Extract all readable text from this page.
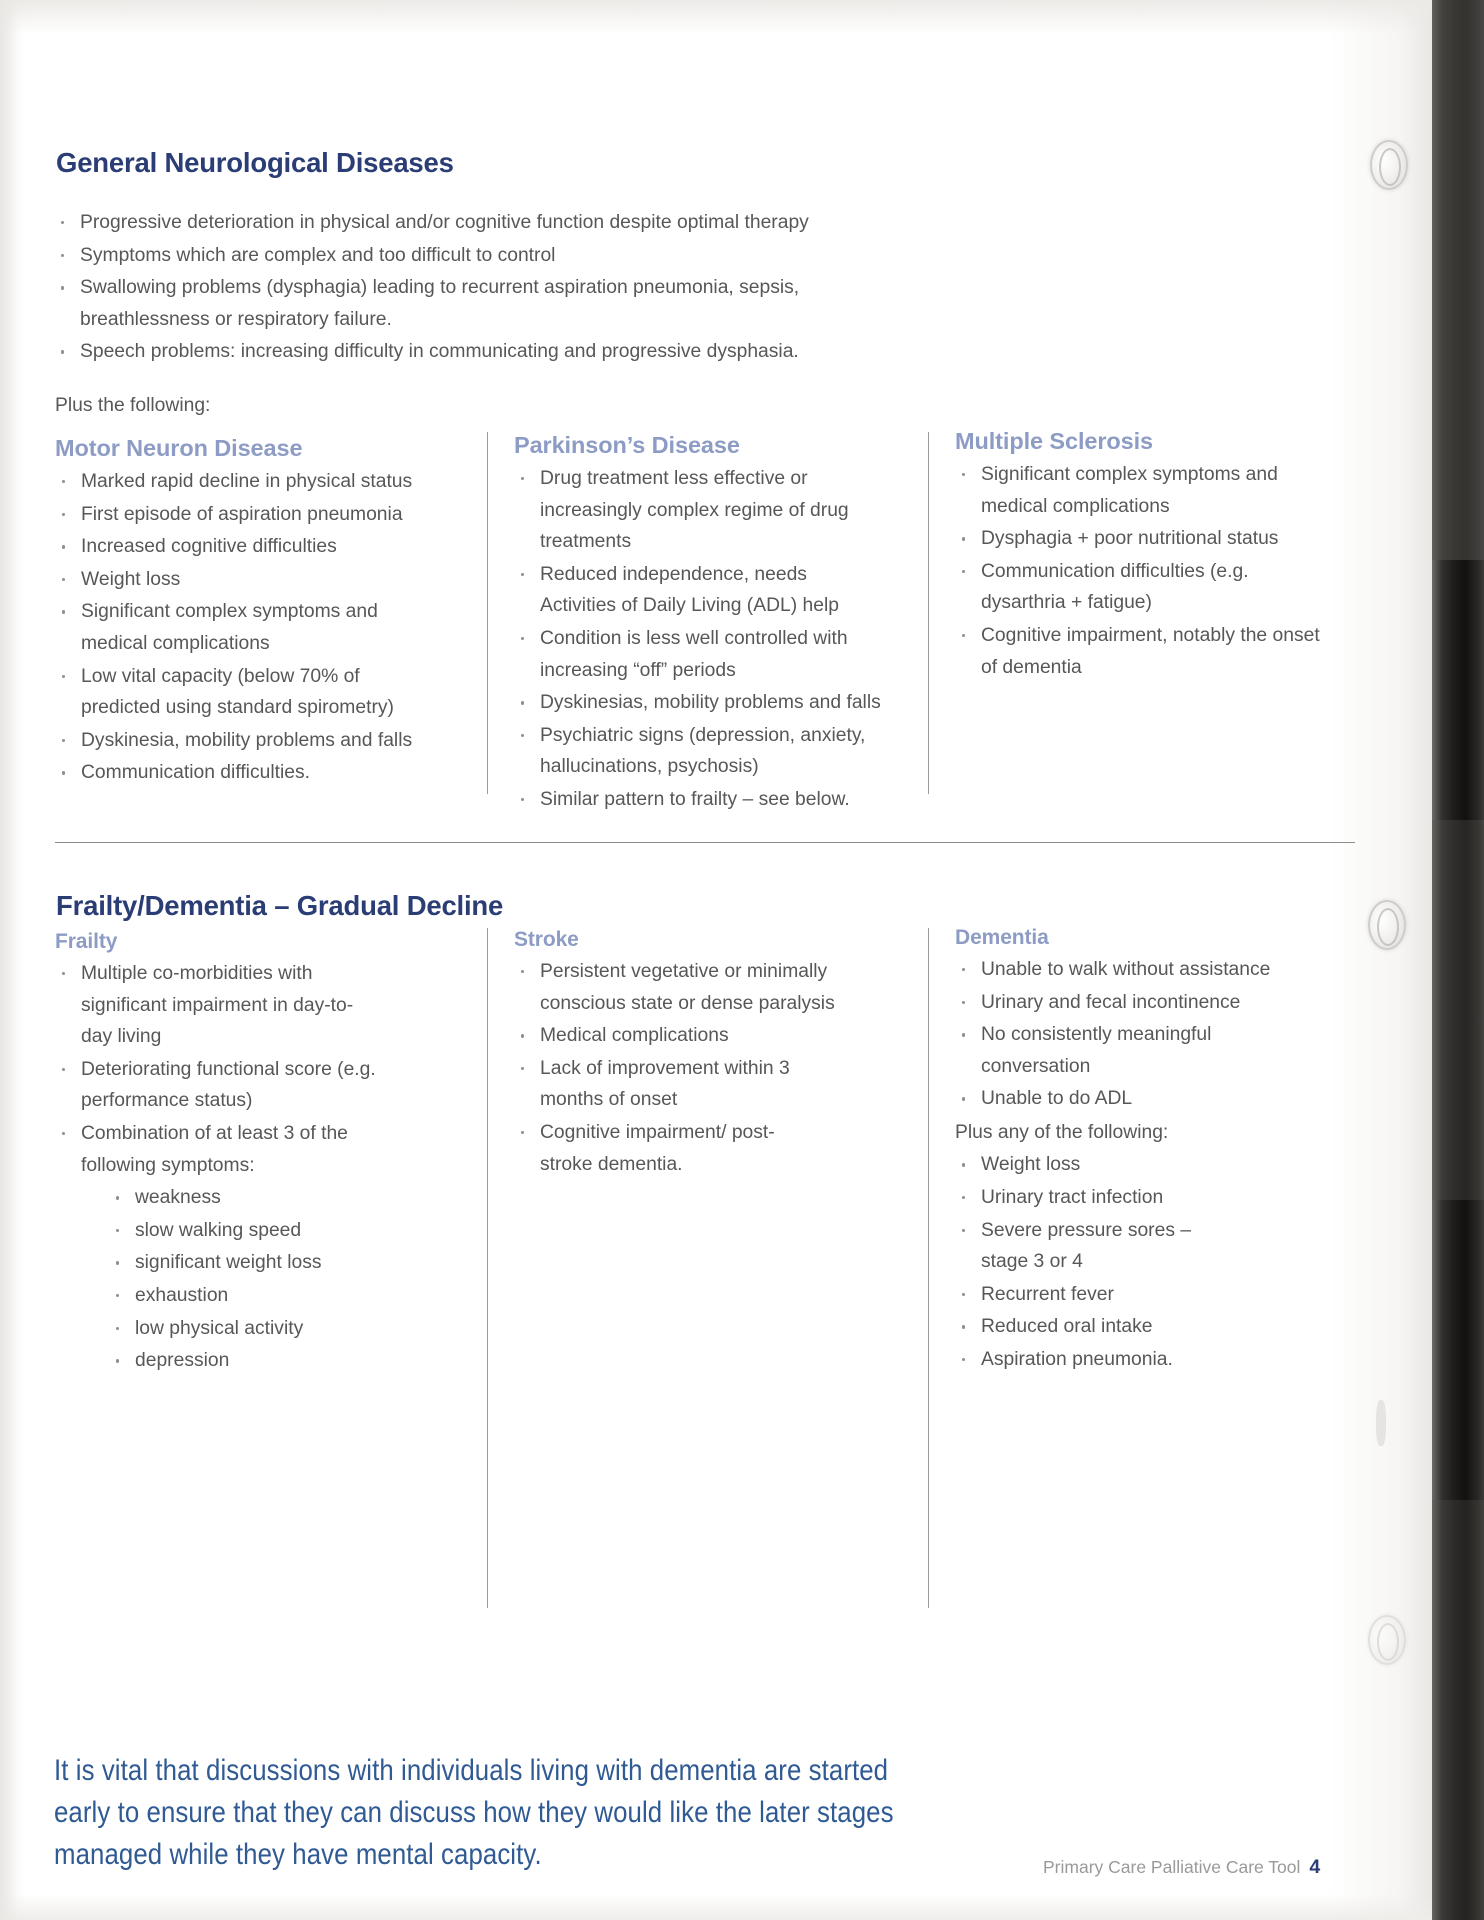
General Neurological Diseases
Progressive deterioration in physical and/or cognitive function despite optimal therapy
Symptoms which are complex and too difficult to control
Swallowing problems (dysphagia) leading to recurrent aspiration pneumonia, sepsis, breathlessness or respiratory failure.
Speech problems: increasing difficulty in communicating and progressive dysphasia.
Plus the following:
Motor Neuron Disease
Marked rapid decline in physical status
First episode of aspiration pneumonia
Increased cognitive difficulties
Weight loss
Significant complex symptoms and medical complications
Low vital capacity (below 70% of predicted using standard spirometry)
Dyskinesia, mobility problems and falls
Communication difficulties.
Parkinson’s Disease
Drug treatment less effective or increasingly complex regime of drug treatments
Reduced independence, needs Activities of Daily Living (ADL) help
Condition is less well controlled with increasing “off” periods
Dyskinesias, mobility problems and falls
Psychiatric signs (depression, anxiety, hallucinations, psychosis)
Similar pattern to frailty – see below.
Multiple Sclerosis
Significant complex symptoms and medical complications
Dysphagia + poor nutritional status
Communication difficulties (e.g. dysarthria + fatigue)
Cognitive impairment, notably the onset of dementia
Frailty/Dementia – Gradual Decline
Frailty
Multiple co-morbidities with significant impairment in day-to-day living
Deteriorating functional score (e.g. performance status)
Combination of at least 3 of the following symptoms:
weakness
slow walking speed
significant weight loss
exhaustion
low physical activity
depression
Stroke
Persistent vegetative or minimally conscious state or dense paralysis
Medical complications
Lack of improvement within 3 months of onset
Cognitive impairment/ post-stroke dementia.
Dementia
Unable to walk without assistance
Urinary and fecal incontinence
No consistently meaningful conversation
Unable to do ADL
Plus any of the following:
Weight loss
Urinary tract infection
Severe pressure sores – stage 3 or 4
Recurrent fever
Reduced oral intake
Aspiration pneumonia.
It is vital that discussions with individuals living with dementia are started early to ensure that they can discuss how they would like the later stages managed while they have mental capacity.	Primary Care Palliative Care Tool 4
